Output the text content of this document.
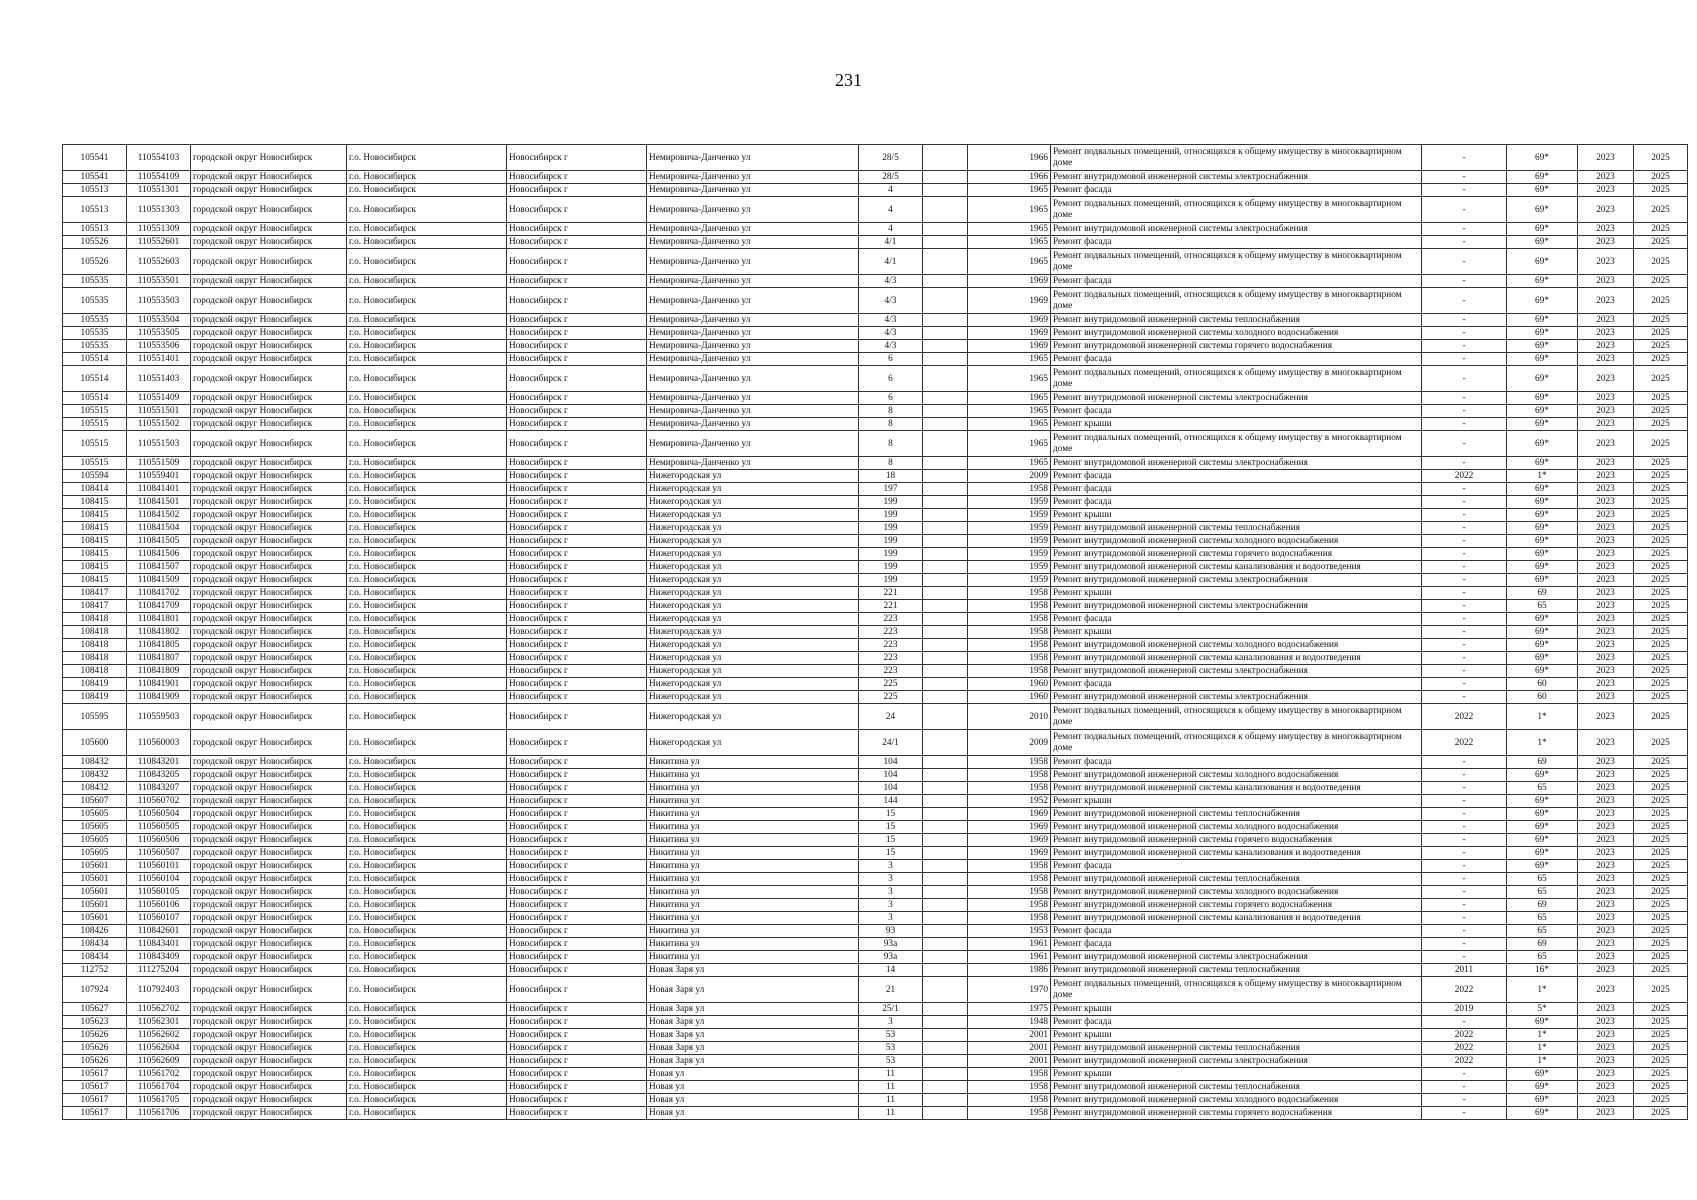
231
105541	110554103	городской округ Новосибирск	г.о. Новосибирск	Новосибирск г	Немировича-Данченко ул	28/5		1966	Ремонт подвальных помещений, относящихся к общему имуществу в многоквартирном доме	-	69*	2023	2025
105541	110554109	городской округ Новосибирск	г.о. Новосибирск	Новосибирск г	Немировича-Данченко ул	28/5		1966	Ремонт внутридомовой инженерной системы электроснабжения	-	69*	2023	2025
105513	110551301	городской округ Новосибирск	г.о. Новосибирск	Новосибирск г	Немировича-Данченко ул	4		1965	Ремонт фасада	-	69*	2023	2025
105513	110551303	городской округ Новосибирск	г.о. Новосибирск	Новосибирск г	Немировича-Данченко ул	4		1965	Ремонт подвальных помещений, относящихся к общему имуществу в многоквартирном доме	-	69*	2023	2025
105513	110551309	городской округ Новосибирск	г.о. Новосибирск	Новосибирск г	Немировича-Данченко ул	4		1965	Ремонт внутридомовой инженерной системы электроснабжения	-	69*	2023	2025
105526	110552601	городской округ Новосибирск	г.о. Новосибирск	Новосибирск г	Немировича-Данченко ул	4/1		1965	Ремонт фасада	-	69*	2023	2025
105526	110552603	городской округ Новосибирск	г.о. Новосибирск	Новосибирск г	Немировича-Данченко ул	4/1		1965	Ремонт подвальных помещений, относящихся к общему имуществу в многоквартирном доме	-	69*	2023	2025
105535	110553501	городской округ Новосибирск	г.о. Новосибирск	Новосибирск г	Немировича-Данченко ул	4/3		1969	Ремонт фасада	-	69*	2023	2025
105535	110553503	городской округ Новосибирск	г.о. Новосибирск	Новосибирск г	Немировича-Данченко ул	4/3		1969	Ремонт подвальных помещений, относящихся к общему имуществу в многоквартирном доме	-	69*	2023	2025
105535	110553504	городской округ Новосибирск	г.о. Новосибирск	Новосибирск г	Немировича-Данченко ул	4/3		1969	Ремонт внутридомовой инженерной системы теплоснабжения	-	69*	2023	2025
105535	110553505	городской округ Новосибирск	г.о. Новосибирск	Новосибирск г	Немировича-Данченко ул	4/3		1969	Ремонт внутридомовой инженерной системы холодного водоснабжения	-	69*	2023	2025
105535	110553506	городской округ Новосибирск	г.о. Новосибирск	Новосибирск г	Немировича-Данченко ул	4/3		1969	Ремонт внутридомовой инженерной системы горячего водоснабжения	-	69*	2023	2025
105514	110551401	городской округ Новосибирск	г.о. Новосибирск	Новосибирск г	Немировича-Данченко ул	6		1965	Ремонт фасада	-	69*	2023	2025
105514	110551403	городской округ Новосибирск	г.о. Новосибирск	Новосибирск г	Немировича-Данченко ул	6		1965	Ремонт подвальных помещений, относящихся к общему имуществу в многоквартирном доме	-	69*	2023	2025
105514	110551409	городской округ Новосибирск	г.о. Новосибирск	Новосибирск г	Немировича-Данченко ул	6		1965	Ремонт внутридомовой инженерной системы электроснабжения	-	69*	2023	2025
105515	110551501	городской округ Новосибирск	г.о. Новосибирск	Новосибирск г	Немировича-Данченко ул	8		1965	Ремонт фасада	-	69*	2023	2025
105515	110551502	городской округ Новосибирск	г.о. Новосибирск	Новосибирск г	Немировича-Данченко ул	8		1965	Ремонт крыши	-	69*	2023	2025
105515	110551503	городской округ Новосибирск	г.о. Новосибирск	Новосибирск г	Немировича-Данченко ул	8		1965	Ремонт подвальных помещений, относящихся к общему имуществу в многоквартирном доме	-	69*	2023	2025
105515	110551509	городской округ Новосибирск	г.о. Новосибирск	Новосибирск г	Немировича-Данченко ул	8		1965	Ремонт внутридомовой инженерной системы электроснабжения	-	69*	2023	2025
105594	110559401	городской округ Новосибирск	г.о. Новосибирск	Новосибирск г	Нижегородская ул	18		2009	Ремонт фасада	2022	1*	2023	2025
108414	110841401	городской округ Новосибирск	г.о. Новосибирск	Новосибирск г	Нижегородская ул	197		1958	Ремонт фасада	-	69*	2023	2025
108415	110841501	городской округ Новосибирск	г.о. Новосибирск	Новосибирск г	Нижегородская ул	199		1959	Ремонт фасада	-	69*	2023	2025
108415	110841502	городской округ Новосибирск	г.о. Новосибирск	Новосибирск г	Нижегородская ул	199		1959	Ремонт крыши	-	69*	2023	2025
108415	110841504	городской округ Новосибирск	г.о. Новосибирск	Новосибирск г	Нижегородская ул	199		1959	Ремонт внутридомовой инженерной системы теплоснабжения	-	69*	2023	2025
108415	110841505	городской округ Новосибирск	г.о. Новосибирск	Новосибирск г	Нижегородская ул	199		1959	Ремонт внутридомовой инженерной системы холодного водоснабжения	-	69*	2023	2025
108415	110841506	городской округ Новосибирск	г.о. Новосибирск	Новосибирск г	Нижегородская ул	199		1959	Ремонт внутридомовой инженерной системы горячего водоснабжения	-	69*	2023	2025
108415	110841507	городской округ Новосибирск	г.о. Новосибирск	Новосибирск г	Нижегородская ул	199		1959	Ремонт внутридомовой инженерной системы канализования и водоотведения	-	69*	2023	2025
108415	110841509	городской округ Новосибирск	г.о. Новосибирск	Новосибирск г	Нижегородская ул	199		1959	Ремонт внутридомовой инженерной системы электроснабжения	-	69*	2023	2025
108417	110841702	городской округ Новосибирск	г.о. Новосибирск	Новосибирск г	Нижегородская ул	221		1958	Ремонт крыши	-	69	2023	2025
108417	110841709	городской округ Новосибирск	г.о. Новосибирск	Новосибирск г	Нижегородская ул	221		1958	Ремонт внутридомовой инженерной системы электроснабжения	-	65	2023	2025
108418	110841801	городской округ Новосибирск	г.о. Новосибирск	Новосибирск г	Нижегородская ул	223		1958	Ремонт фасада	-	69*	2023	2025
108418	110841802	городской округ Новосибирск	г.о. Новосибирск	Новосибирск г	Нижегородская ул	223		1958	Ремонт крыши	-	69*	2023	2025
108418	110841805	городской округ Новосибирск	г.о. Новосибирск	Новосибирск г	Нижегородская ул	223		1958	Ремонт внутридомовой инженерной системы холодного водоснабжения	-	69*	2023	2025
108418	110841807	городской округ Новосибирск	г.о. Новосибирск	Новосибирск г	Нижегородская ул	223		1958	Ремонт внутридомовой инженерной системы канализования и водоотведения	-	69*	2023	2025
108418	110841809	городской округ Новосибирск	г.о. Новосибирск	Новосибирск г	Нижегородская ул	223		1958	Ремонт внутридомовой инженерной системы электроснабжения	-	69*	2023	2025
108419	110841901	городской округ Новосибирск	г.о. Новосибирск	Новосибирск г	Нижегородская ул	225		1960	Ремонт фасада	-	60	2023	2025
108419	110841909	городской округ Новосибирск	г.о. Новосибирск	Новосибирск г	Нижегородская ул	225		1960	Ремонт внутридомовой инженерной системы электроснабжения	-	60	2023	2025
105595	110559503	городской округ Новосибирск	г.о. Новосибирск	Новосибирск г	Нижегородская ул	24		2010	Ремонт подвальных помещений, относящихся к общему имуществу в многоквартирном доме	2022	1*	2023	2025
105600	110560003	городской округ Новосибирск	г.о. Новосибирск	Новосибирск г	Нижегородская ул	24/1		2009	Ремонт подвальных помещений, относящихся к общему имуществу в многоквартирном доме	2022	1*	2023	2025
108432	110843201	городской округ Новосибирск	г.о. Новосибирск	Новосибирск г	Никитина ул	104		1958	Ремонт фасада	-	69	2023	2025
108432	110843205	городской округ Новосибирск	г.о. Новосибирск	Новосибирск г	Никитина ул	104		1958	Ремонт внутридомовой инженерной системы холодного водоснабжения	-	69*	2023	2025
108432	110843207	городской округ Новосибирск	г.о. Новосибирск	Новосибирск г	Никитина ул	104		1958	Ремонт внутридомовой инженерной системы канализования и водоотведения	-	65	2023	2025
105607	110560702	городской округ Новосибирск	г.о. Новосибирск	Новосибирск г	Никитина ул	144		1952	Ремонт крыши	-	69*	2023	2025
105605	110560504	городской округ Новосибирск	г.о. Новосибирск	Новосибирск г	Никитина ул	15		1969	Ремонт внутридомовой инженерной системы теплоснабжения	-	69*	2023	2025
105605	110560505	городской округ Новосибирск	г.о. Новосибирск	Новосибирск г	Никитина ул	15		1969	Ремонт внутридомовой инженерной системы холодного водоснабжения	-	69*	2023	2025
105605	110560506	городской округ Новосибирск	г.о. Новосибирск	Новосибирск г	Никитина ул	15		1969	Ремонт внутридомовой инженерной системы горячего водоснабжения	-	69*	2023	2025
105605	110560507	городской округ Новосибирск	г.о. Новосибирск	Новосибирск г	Никитина ул	15		1969	Ремонт внутридомовой инженерной системы канализования и водоотведения	-	69*	2023	2025
105601	110560101	городской округ Новосибирск	г.о. Новосибирск	Новосибирск г	Никитина ул	3		1958	Ремонт фасада	-	69*	2023	2025
105601	110560104	городской округ Новосибирск	г.о. Новосибирск	Новосибирск г	Никитина ул	3		1958	Ремонт внутридомовой инженерной системы теплоснабжения	-	65	2023	2025
105601	110560105	городской округ Новосибирск	г.о. Новосибирск	Новосибирск г	Никитина ул	3		1958	Ремонт внутридомовой инженерной системы холодного водоснабжения	-	65	2023	2025
105601	110560106	городской округ Новосибирск	г.о. Новосибирск	Новосибирск г	Никитина ул	3		1958	Ремонт внутридомовой инженерной системы горячего водоснабжения	-	69	2023	2025
105601	110560107	городской округ Новосибирск	г.о. Новосибирск	Новосибирск г	Никитина ул	3		1958	Ремонт внутридомовой инженерной системы канализования и водоотведения	-	65	2023	2025
108426	110842601	городской округ Новосибирск	г.о. Новосибирск	Новосибирск г	Никитина ул	93		1953	Ремонт фасада	-	65	2023	2025
108434	110843401	городской округ Новосибирск	г.о. Новосибирск	Новосибирск г	Никитина ул	93а		1961	Ремонт фасада	-	69	2023	2025
108434	110843409	городской округ Новосибирск	г.о. Новосибирск	Новосибирск г	Никитина ул	93а		1961	Ремонт внутридомовой инженерной системы электроснабжения	-	65	2023	2025
112752	111275204	городской округ Новосибирск	г.о. Новосибирск	Новосибирск г	Новая Заря ул	14		1986	Ремонт внутридомовой инженерной системы теплоснабжения	2011	16*	2023	2025
107924	110792403	городской округ Новосибирск	г.о. Новосибирск	Новосибирск г	Новая Заря ул	21		1970	Ремонт подвальных помещений, относящихся к общему имуществу в многоквартирном доме	2022	1*	2023	2025
105627	110562702	городской округ Новосибирск	г.о. Новосибирск	Новосибирск г	Новая Заря ул	25/1		1975	Ремонт крыши	2019	5*	2023	2025
105623	110562301	городской округ Новосибирск	г.о. Новосибирск	Новосибирск г	Новая Заря ул	3		1948	Ремонт фасада	-	69*	2023	2025
105626	110562602	городской округ Новосибирск	г.о. Новосибирск	Новосибирск г	Новая Заря ул	53		2001	Ремонт крыши	2022	1*	2023	2025
105626	110562604	городской округ Новосибирск	г.о. Новосибирск	Новосибирск г	Новая Заря ул	53		2001	Ремонт внутридомовой инженерной системы теплоснабжения	2022	1*	2023	2025
105626	110562609	городской округ Новосибирск	г.о. Новосибирск	Новосибирск г	Новая Заря ул	53		2001	Ремонт внутридомовой инженерной системы электроснабжения	2022	1*	2023	2025
105617	110561702	городской округ Новосибирск	г.о. Новосибирск	Новосибирск г	Новая ул	11		1958	Ремонт крыши	-	69*	2023	2025
105617	110561704	городской округ Новосибирск	г.о. Новосибирск	Новосибирск г	Новая ул	11		1958	Ремонт внутридомовой инженерной системы теплоснабжения	-	69*	2023	2025
105617	110561705	городской округ Новосибирск	г.о. Новосибирск	Новосибирск г	Новая ул	11		1958	Ремонт внутридомовой инженерной системы холодного водоснабжения	-	69*	2023	2025
105617	110561706	городской округ Новосибирск	г.о. Новосибирск	Новосибирск г	Новая ул	11		1958	Ремонт внутридомовой инженерной системы горячего водоснабжения	-	69*	2023	2025
